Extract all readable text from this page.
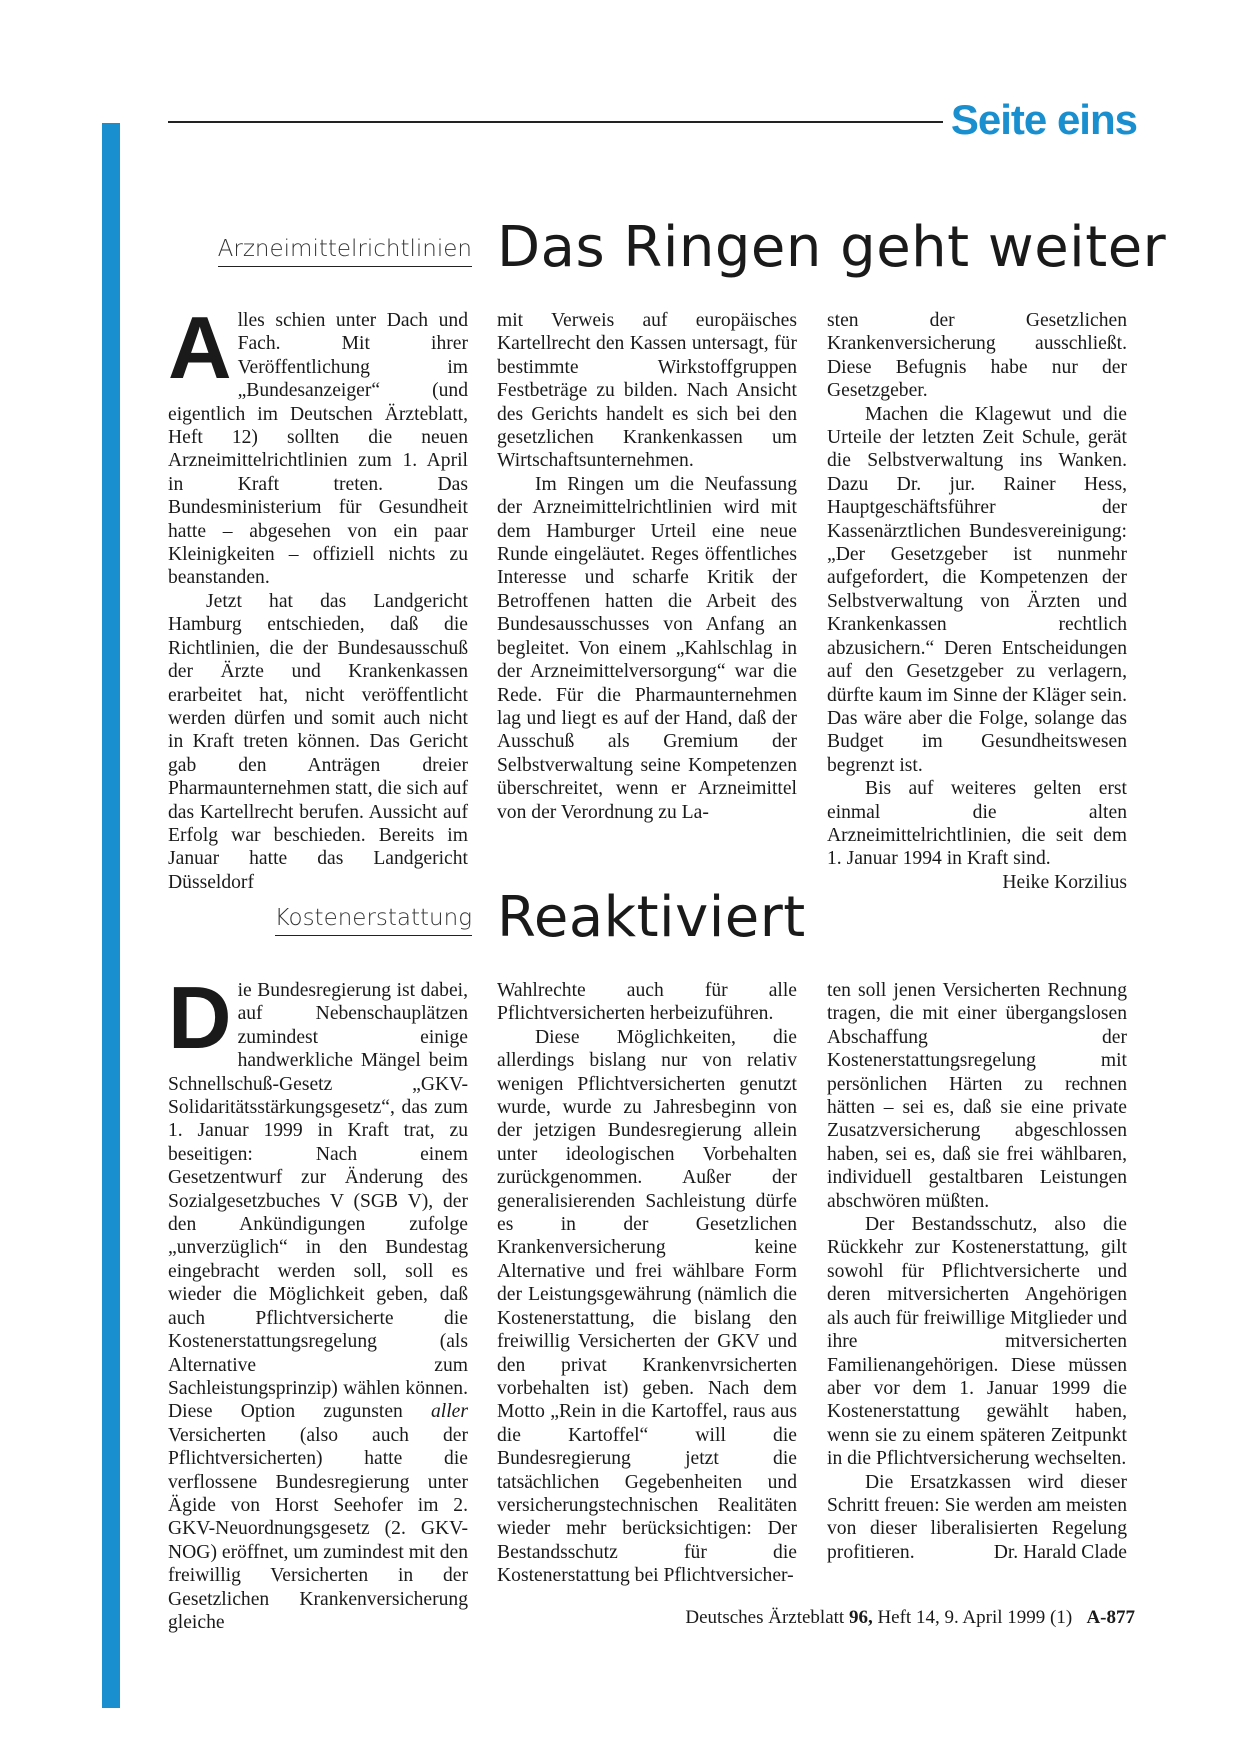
Seite eins
Arzneimittelrichtlinien Das Ringen geht weiter

Alles schien unter Dach und Fach. Mit ihrer Veröffentlichung im „Bundesanzeiger“ (und eigentlich im Deutschen Ärzteblatt, Heft 12) sollten die neuen Arzneimittelrichtlinien zum 1. April in Kraft treten. Das Bundesministerium für Gesundheit hatte – abgesehen von ein paar Kleinigkeiten – offiziell nichts zu beanstanden.

Jetzt hat das Landgericht Hamburg entschieden, daß die Richtlinien, die der Bundesausschuß der Ärzte und Krankenkassen erarbeitet hat, nicht veröffentlicht werden dürfen und somit auch nicht in Kraft treten können. Das Gericht gab den Anträgen dreier Pharmaunternehmen statt, die sich auf das Kartellrecht berufen. Aussicht auf Erfolg war beschieden. Bereits im Januar hatte das Landgericht Düsseldorf

mit Verweis auf europäisches Kartellrecht den Kassen untersagt, für bestimmte Wirkstoffgruppen Festbeträge zu bilden. Nach Ansicht des Gerichts handelt es sich bei den gesetzlichen Krankenkassen um Wirtschaftsunternehmen.

Im Ringen um die Neufassung der Arzneimittelrichtlinien wird mit dem Hamburger Urteil eine neue Runde eingeläutet. Reges öffentliches Interesse und scharfe Kritik der Betroffenen hatten die Arbeit des Bundesausschusses von Anfang an begleitet. Von einem „Kahlschlag in der Arzneimittelversorgung“ war die Rede. Für die Pharmaunternehmen lag und liegt es auf der Hand, daß der Ausschuß als Gremium der Selbstverwaltung seine Kompetenzen überschreitet, wenn er Arzneimittel von der Verordnung zu La-

sten der Gesetzlichen Krankenversicherung ausschließt. Diese Befugnis habe nur der Gesetzgeber.

Machen die Klagewut und die Urteile der letzten Zeit Schule, gerät die Selbstverwaltung ins Wanken. Dazu Dr. jur. Rainer Hess, Hauptgeschäftsführer der Kassenärztlichen Bundesvereinigung: „Der Gesetzgeber ist nunmehr aufgefordert, die Kompetenzen der Selbstverwaltung von Ärzten und Krankenkassen rechtlich abzusichern.“ Deren Entscheidungen auf den Gesetzgeber zu verlagern, dürfte kaum im Sinne der Kläger sein. Das wäre aber die Folge, solange das Budget im Gesundheitswesen begrenzt ist.

Bis auf weiteres gelten erst einmal die alten Arzneimittelrichtlinien, die seit dem 1. Januar 1994 in Kraft sind.
Heike Korzilius

Kostenerstattung Reaktiviert

Die Bundesregierung ist dabei, auf Nebenschauplätzen zumindest einige handwerkliche Mängel beim Schnellschuß-Gesetz „GKV-Solidaritätsstärkungsgesetz“, das zum 1. Januar 1999 in Kraft trat, zu beseitigen: Nach einem Gesetzentwurf zur Änderung des Sozialgesetzbuches V (SGB V), der den Ankündigungen zufolge „unverzüglich“ in den Bundestag eingebracht werden soll, soll es wieder die Möglichkeit geben, daß auch Pflichtversicherte die Kostenerstattungsregelung (als Alternative zum Sachleistungsprinzip) wählen können. Diese Option zugunsten aller Versicherten (also auch der Pflichtversicherten) hatte die verflossene Bundesregierung unter Ägide von Horst Seehofer im 2. GKV-Neuordnungsgesetz (2. GKV-NOG) eröffnet, um zumindest mit den freiwillig Versicherten in der Gesetzlichen Krankenversicherung gleiche

Wahlrechte auch für alle Pflichtversicherten herbeizuführen.

Diese Möglichkeiten, die allerdings bislang nur von relativ wenigen Pflichtversicherten genutzt wurde, wurde zu Jahresbeginn von der jetzigen Bundesregierung allein unter ideologischen Vorbehalten zurückgenommen. Außer der generalisierenden Sachleistung dürfe es in der Gesetzlichen Krankenversicherung keine Alternative und frei wählbare Form der Leistungsgewährung (nämlich die Kostenerstattung, die bislang den freiwillig Versicherten der GKV und den privat Krankenvrsicherten vorbehalten ist) geben. Nach dem Motto „Rein in die Kartoffel, raus aus die Kartoffel“ will die Bundesregierung jetzt die tatsächlichen Gegebenheiten und versicherungstechnischen Realitäten wieder mehr berücksichtigen: Der Bestandsschutz für die Kostenerstattung bei Pflichtversicher-

ten soll jenen Versicherten Rechnung tragen, die mit einer übergangslosen Abschaffung der Kostenerstattungsregelung mit persönlichen Härten zu rechnen hätten – sei es, daß sie eine private Zusatzversicherung abgeschlossen haben, sei es, daß sie frei wählbaren, individuell gestaltbaren Leistungen abschwören müßten.

Der Bestandsschutz, also die Rückkehr zur Kostenerstattung, gilt sowohl für Pflichtversicherte und deren mitversicherten Angehörigen als auch für freiwillige Mitglieder und ihre mitversicherten Familienangehörigen. Diese müssen aber vor dem 1. Januar 1999 die Kostenerstattung gewählt haben, wenn sie zu einem späteren Zeitpunkt in die Pflichtversicherung wechselten.

Die Ersatzkassen wird dieser Schritt freuen: Sie werden am meisten von dieser liberalisierten Regelung profitieren.	Dr. Harald Clade

Deutsches Ärzteblatt 96, Heft 14, 9. April 1999 (1) A-877
